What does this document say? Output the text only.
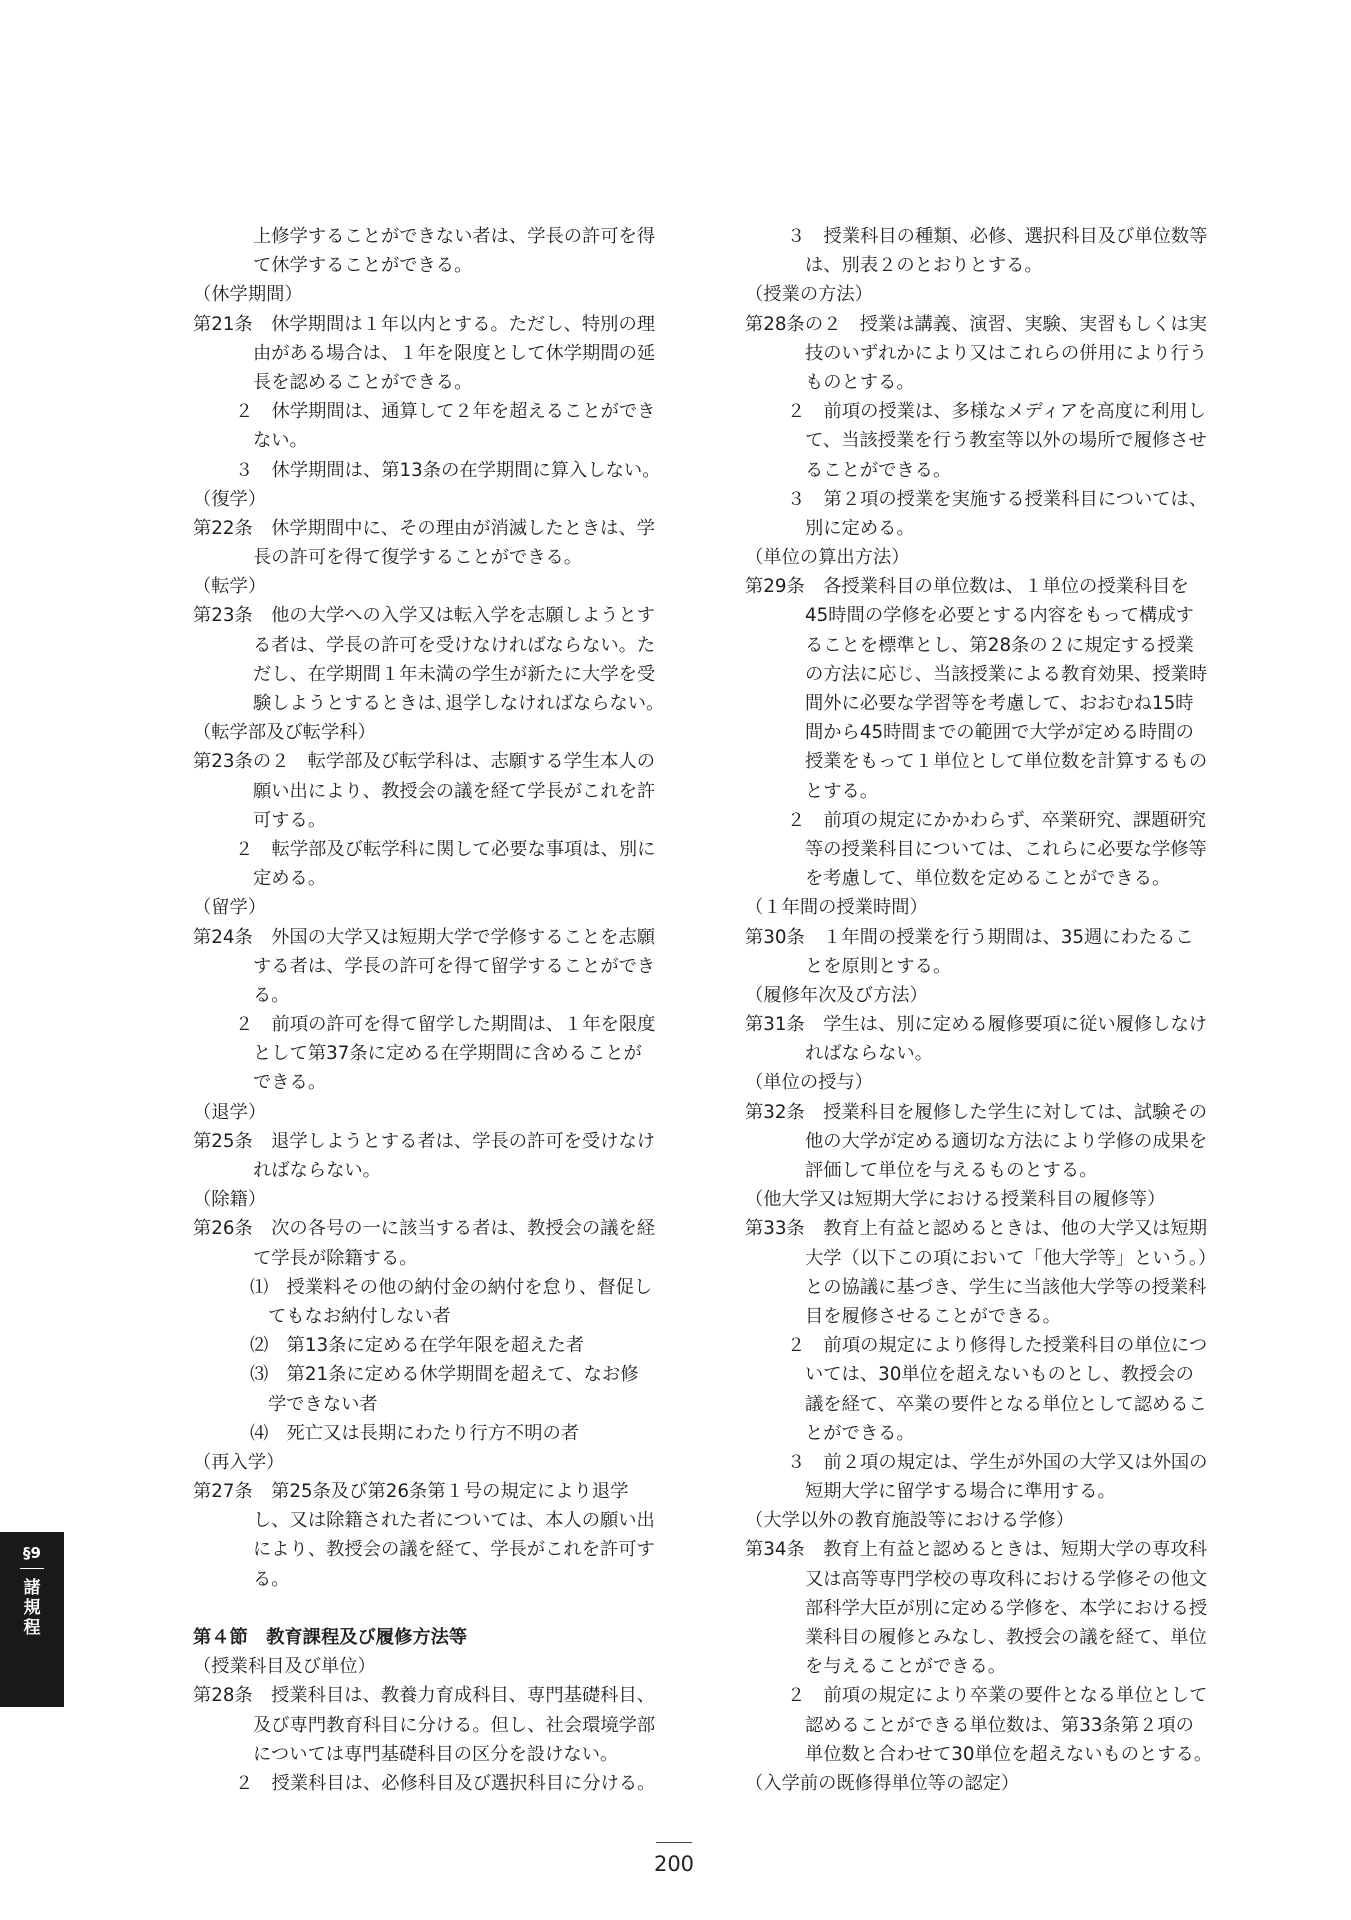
上修学することができない者は、学長の許可を得
て休学することができる。
（休学期間）
第21条　休学期間は１年以内とする。ただし、特別の理
由がある場合は、１年を限度として休学期間の延
長を認めることができる。
２　休学期間は、通算して２年を超えることができ
ない。
３　休学期間は、第13条の在学期間に算入しない。
（復学）
第22条　休学期間中に、その理由が消滅したときは、学
長の許可を得て復学することができる。
（転学）
第23条　他の大学への入学又は転入学を志願しようとす
る者は、学長の許可を受けなければならない。た
だし、在学期間１年未満の学生が新たに大学を受
験しようとするときは､退学しなければならない。
（転学部及び転学科）
第23条の２　転学部及び転学科は、志願する学生本人の
願い出により、教授会の議を経て学長がこれを許
可する。
２　転学部及び転学科に関して必要な事項は、別に
定める。
（留学）
第24条　外国の大学又は短期大学で学修することを志願
する者は、学長の許可を得て留学することができ
る。
２　前項の許可を得て留学した期間は、１年を限度
として第37条に定める在学期間に含めることが
できる。
（退学）
第25条　退学しようとする者は、学長の許可を受けなけ
ればならない。
（除籍）
第26条　次の各号の一に該当する者は、教授会の議を経
て学長が除籍する。
⑴　授業料その他の納付金の納付を怠り、督促し
てもなお納付しない者
⑵　第13条に定める在学年限を超えた者
⑶　第21条に定める休学期間を超えて、なお修
学できない者
⑷　死亡又は長期にわたり行方不明の者
（再入学）
第27条　第25条及び第26条第１号の規定により退学
し、又は除籍された者については、本人の願い出
により、教授会の議を経て、学長がこれを許可す
る。
第４節　教育課程及び履修方法等
（授業科目及び単位）
第28条　授業科目は、教養力育成科目、専門基礎科目、
及び専門教育科目に分ける。但し、社会環境学部
については専門基礎科目の区分を設けない。
２　授業科目は、必修科目及び選択科目に分ける。
３　授業科目の種類、必修、選択科目及び単位数等
は、別表２のとおりとする。
（授業の方法）
第28条の２　授業は講義、演習、実験、実習もしくは実
技のいずれかにより又はこれらの併用により行う
ものとする。
２　前項の授業は、多様なメディアを高度に利用し
て、当該授業を行う教室等以外の場所で履修させ
ることができる。
３　第２項の授業を実施する授業科目については、
別に定める。
（単位の算出方法）
第29条　各授業科目の単位数は、１単位の授業科目を
45時間の学修を必要とする内容をもって構成す
ることを標準とし、第28条の２に規定する授業
の方法に応じ、当該授業による教育効果、授業時
間外に必要な学習等を考慮して、おおむね15時
間から45時間までの範囲で大学が定める時間の
授業をもって１単位として単位数を計算するもの
とする。
２　前項の規定にかかわらず、卒業研究、課題研究
等の授業科目については、これらに必要な学修等
を考慮して、単位数を定めることができる。
（１年間の授業時間）
第30条　１年間の授業を行う期間は、35週にわたるこ
とを原則とする。
（履修年次及び方法）
第31条　学生は、別に定める履修要項に従い履修しなけ
ればならない。
（単位の授与）
第32条　授業科目を履修した学生に対しては、試験その
他の大学が定める適切な方法により学修の成果を
評価して単位を与えるものとする。
（他大学又は短期大学における授業科目の履修等）
第33条　教育上有益と認めるときは、他の大学又は短期
大学（以下この項において「他大学等」という。）
との協議に基づき、学生に当該他大学等の授業科
目を履修させることができる。
２　前項の規定により修得した授業科目の単位につ
いては、30単位を超えないものとし、教授会の
議を経て、卒業の要件となる単位として認めるこ
とができる。
３　前２項の規定は、学生が外国の大学又は外国の
短期大学に留学する場合に準用する。
（大学以外の教育施設等における学修）
第34条　教育上有益と認めるときは、短期大学の専攻科
又は高等専門学校の専攻科における学修その他文
部科学大臣が別に定める学修を、本学における授
業科目の履修とみなし、教授会の議を経て、単位
を与えることができる。
２　前項の規定により卒業の要件となる単位として
認めることができる単位数は、第33条第２項の
単位数と合わせて30単位を超えないものとする。
（入学前の既修得単位等の認定）
§9
諸
規
程
200
